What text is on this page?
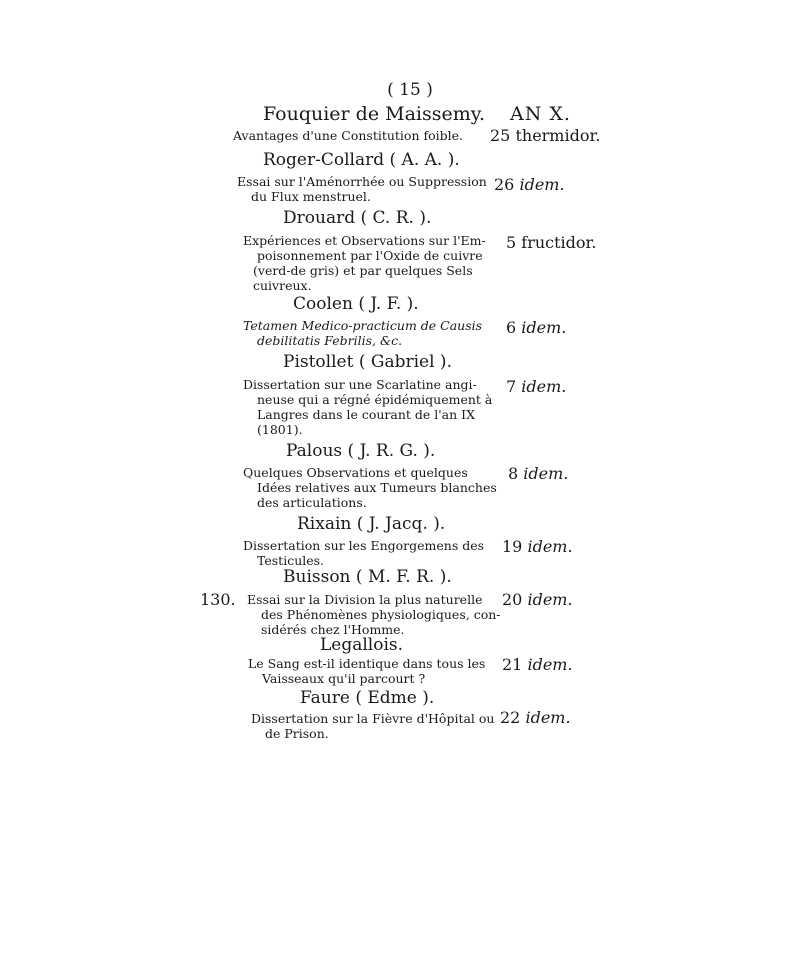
( 15 )
Fouquier de Maissemy. AN X.
Avantages d'une Constitution foible. 25 thermidor.
Roger-Collard ( A. A. ).
Essai sur l'Aménorrhée ou Suppression
du Flux menstruel.
26 idem.
Drouard ( C. R. ).
Expériences et Observations sur l'Em-
poisonnement par l'Oxide de cuivre
(verd-de gris) et par quelques Sels
cuivreux.
5 fructidor.
Coolen ( J. F. ).
Tetamen Medico-practicum de Causis
debilitatis Febrilis, &c.
6 idem.
Pistollet ( Gabriel ).
Dissertation sur une Scarlatine angi-
neuse qui a régné épidémiquement à
Langres dans le courant de l'an IX
(1801).
7 idem.
Palous ( J. R. G. ).
Quelques Observations et quelques
Idées relatives aux Tumeurs blanches
des articulations.
8 idem.
Rixain ( J. Jacq. ).
Dissertation sur les Engorgemens des
Testicules.
19 idem.
Buisson ( M. F. R. ).
130. Essai sur la Division la plus naturelle
des Phénomènes physiologiques, con-
sidérés chez l'Homme.
20 idem.
Legallois.
Le Sang est-il identique dans tous les
Vaisseaux qu'il parcourt ?
21 idem.
Faure ( Edme ).
Dissertation sur la Fièvre d'Hôpital ou
de Prison.
22 idem.
